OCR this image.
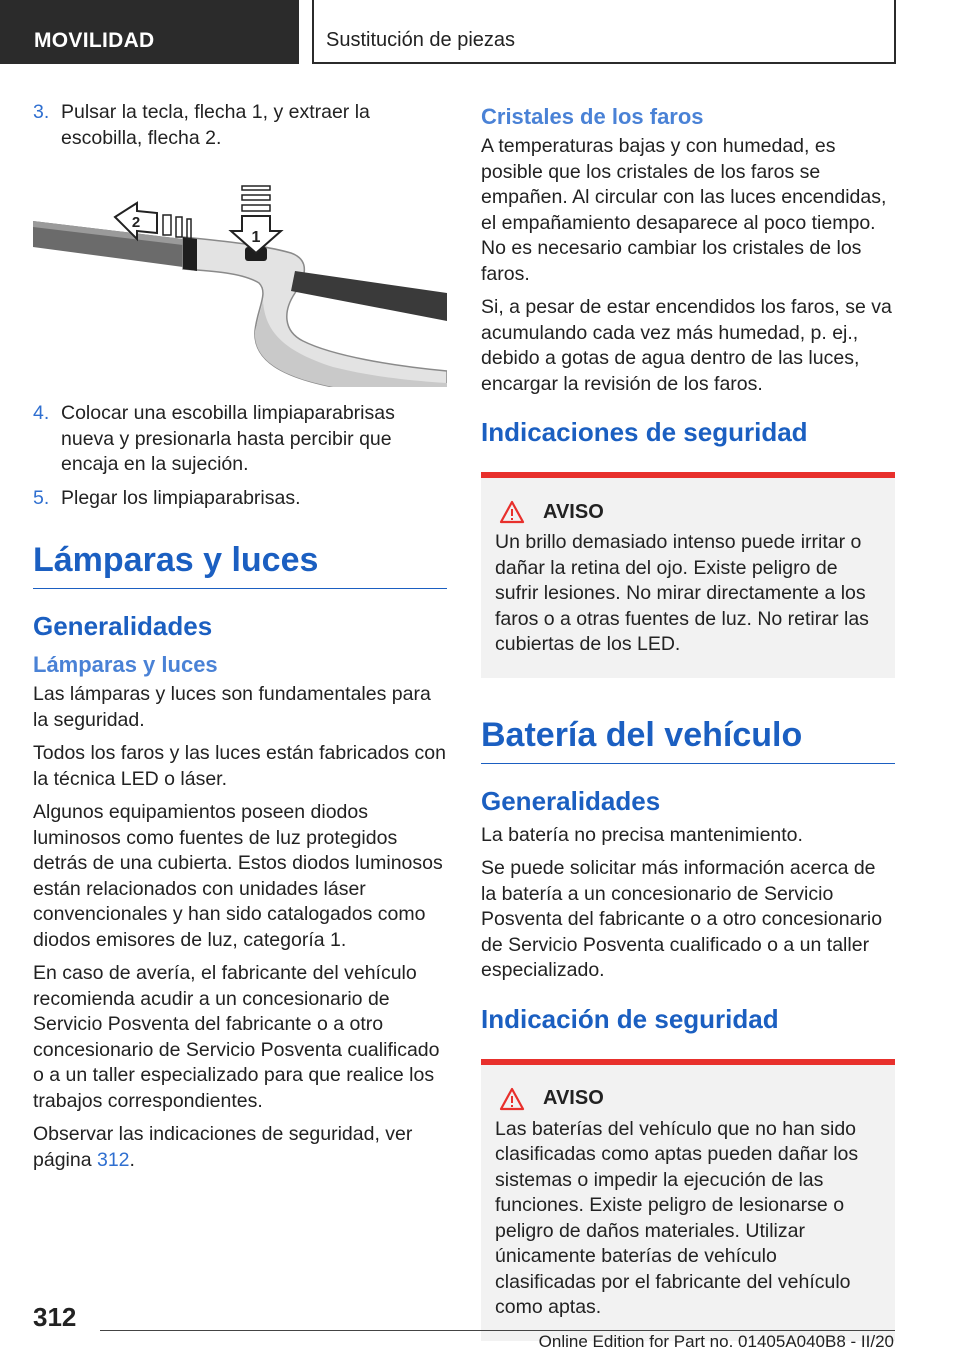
MOVILIDAD	Sustitución de piezas
3. Pulsar la tecla, flecha 1, y extraer la escobilla, flecha 2.
1
2
4. Colocar una escobilla limpiaparabrisas nueva y presionarla hasta percibir que encaja en la sujeción.
5. Plegar los limpiaparabrisas.
Lámparas y luces
Generalidades
Lámparas y luces

Las lámparas y luces son fundamentales para la seguridad.

Todos los faros y las luces están fabricados con la técnica LED o láser.

Algunos equipamientos poseen diodos luminosos como fuentes de luz protegidos detrás de una cubierta. Estos diodos luminosos están relacionados con unidades láser convencionales y han sido catalogados como diodos emisores de luz, categoría 1.

En caso de avería, el fabricante del vehículo recomienda acudir a un concesionario de Servicio Posventa del fabricante o a otro concesionario de Servicio Posventa cualificado o a un taller especializado para que realice los trabajos correspondientes.

Observar las indicaciones de seguridad, ver página 312.

Cristales de los faros

A temperaturas bajas y con humedad, es posible que los cristales de los faros se empañen. Al circular con las luces encendidas, el empañamiento desaparece al poco tiempo. No es necesario cambiar los cristales de los faros.

Si, a pesar de estar encendidos los faros, se va acumulando cada vez más humedad, p. ej., debido a gotas de agua dentro de las luces, encargar la revisión de los faros.

Indicaciones de seguridad
AVISO

Un brillo demasiado intenso puede irritar o dañar la retina del ojo. Existe peligro de sufrir lesiones. No mirar directamente a los faros o a otras fuentes de luz. No retirar las cubiertas de los LED.

Batería del vehículo
Generalidades

La batería no precisa mantenimiento.

Se puede solicitar más información acerca de la batería a un concesionario de Servicio Posventa del fabricante o a otro concesionario de Servicio Posventa cualificado o a un taller especializado.

Indicación de seguridad
AVISO

Las baterías del vehículo que no han sido clasificadas como aptas pueden dañar los sistemas o impedir la ejecución de las funciones. Existe peligro de lesionarse o peligro de daños materiales. Utilizar únicamente baterías de vehículo clasificadas por el fabricante del vehículo como aptas.

312
Online Edition for Part no. 01405A040B8 - II/20
